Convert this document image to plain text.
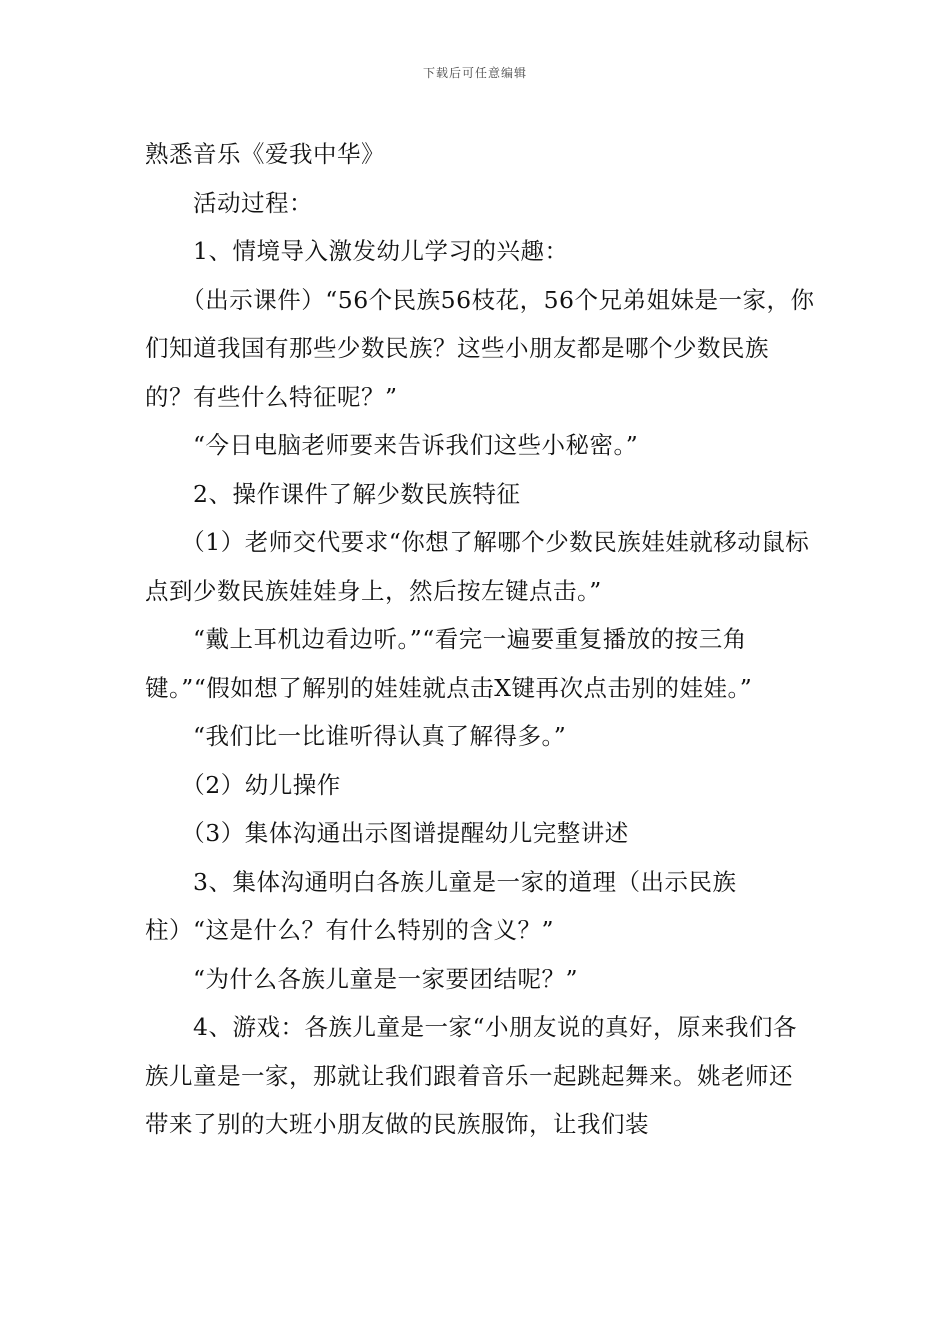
下载后可任意编辑

熟悉音乐《爱我中华》

　　活动过程：

　　1、情境导入激发幼儿学习的兴趣：

　　（出示课件）“56个民族56枝花，56个兄弟姐妹是一家，你们知道我国有那些少数民族？这些小朋友都是哪个少数民族的？有些什么特征呢？”

　　“今日电脑老师要来告诉我们这些小秘密。”

　　2、操作课件了解少数民族特征

　　（1）老师交代要求“你想了解哪个少数民族娃娃就移动鼠标点到少数民族娃娃身上，然后按左键点击。”

　　“戴上耳机边看边听。”“看完一遍要重复播放的按三角键。”“假如想了解别的娃娃就点击X键再次点击别的娃娃。”

　　“我们比一比谁听得认真了解得多。”

　　（2）幼儿操作

　　（3）集体沟通出示图谱提醒幼儿完整讲述

　　3、集体沟通明白各族儿童是一家的道理（出示民族柱）“这是什么？有什么特别的含义？”

　　“为什么各族儿童是一家要团结呢？”

　　4、游戏：各族儿童是一家“小朋友说的真好，原来我们各族儿童是一家，那就让我们跟着音乐一起跳起舞来。姚老师还带来了别的大班小朋友做的民族服饰，让我们装
